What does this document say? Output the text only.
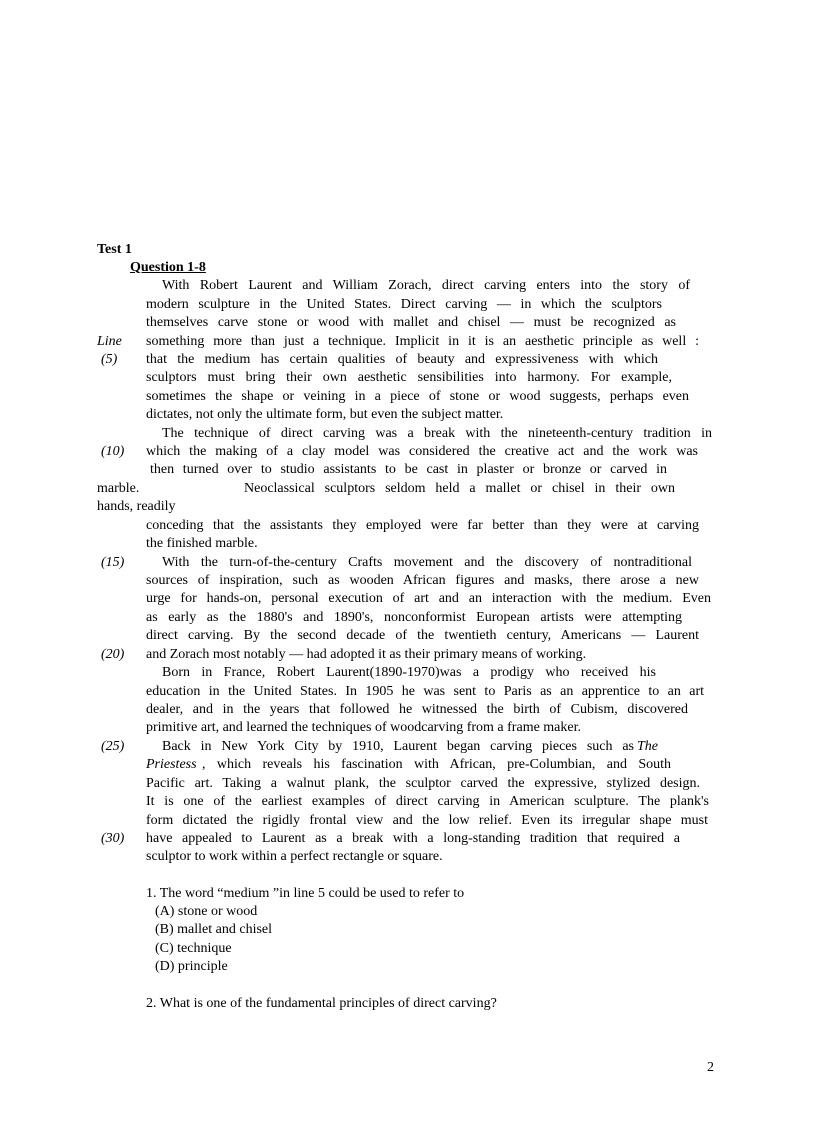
Test 1
Question 1-8
Line
(5)
(10)
(15)
(20)
(25)
(30)
With Robert Laurent and William Zorach, direct carving enters into the story of
modern sculpture in the United States. Direct carving — in which the sculptors
themselves carve stone or wood with mallet and chisel — must be recognized as
something more than just a technique. Implicit in it is an aesthetic principle as well :
that the medium has certain qualities of beauty and expressiveness with which
sculptors must bring their own aesthetic sensibilities into harmony. For example,
sometimes the shape or veining in a piece of stone or wood suggests, perhaps even
dictates, not only the ultimate form, but even the subject matter.
The technique of direct carving was a break with the nineteenth-century tradition in
which the making of a clay model was considered the creative act and the work was
then turned over to studio assistants to be cast in plaster or bronze or carved in
marble.	Neoclassical sculptors seldom held a mallet or chisel in their own
hands, readily
conceding that the assistants they employed were far better than they were at carving
the finished marble.
With the turn-of-the-century Crafts movement and the discovery of nontraditional
sources of inspiration, such as wooden African figures and masks, there arose a new
urge for hands-on, personal execution of art and an interaction with the medium. Even
as early as the 1880's and 1890's, nonconformist European artists were attempting
direct carving. By the second decade of the twentieth century, Americans — Laurent
and Zorach most notably — had adopted it as their primary means of working.
Born in France, Robert Laurent(1890-1970)was a prodigy who received his
education in the United States. In 1905 he was sent to Paris as an apprentice to an art
dealer, and in the years that followed he witnessed the birth of Cubism, discovered
primitive art, and learned the techniques of woodcarving from a frame maker.
Back in New York City by 1910, Laurent began carving pieces such as The
Priestess , which reveals his fascination with African, pre-Columbian, and South
Pacific art. Taking a walnut plank, the sculptor carved the expressive, stylized design.
It is one of the earliest examples of direct carving in American sculpture. The plank's
form dictated the rigidly frontal view and the low relief. Even its irregular shape must
have appealed to Laurent as a break with a long-standing tradition that required a
sculptor to work within a perfect rectangle or square.
1. The word “medium ”in line 5 could be used to refer to
(A) stone or wood
(B) mallet and chisel
(C) technique
(D) principle
2. What is one of the fundamental principles of direct carving?
2
